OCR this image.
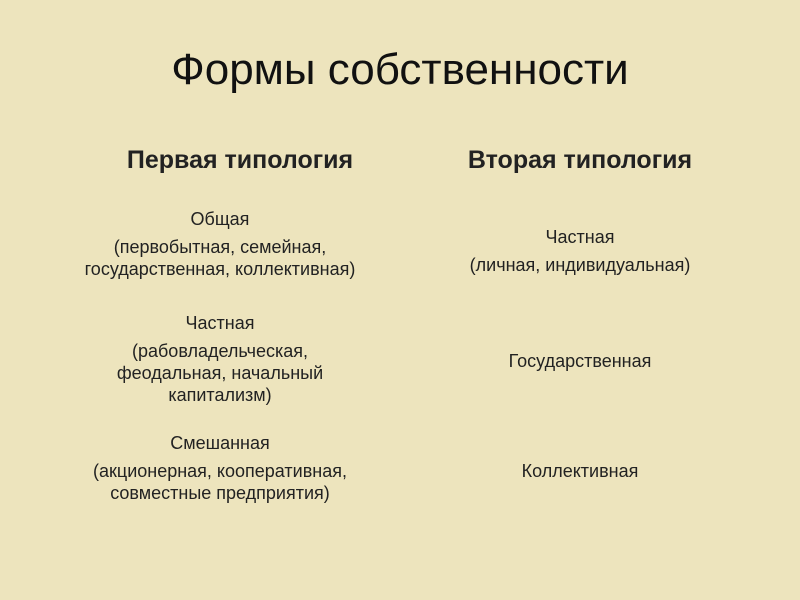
Формы собственности
Первая типология	Вторая типология
Общая
(первобытная, семейная,
государственная, коллективная)
Частная
(рабовладельческая,
феодальная, начальный
капитализм)
Смешанная
(акционерная, кооперативная,
совместные предприятия)
Частная
(личная, индивидуальная)
Государственная
Коллективная
